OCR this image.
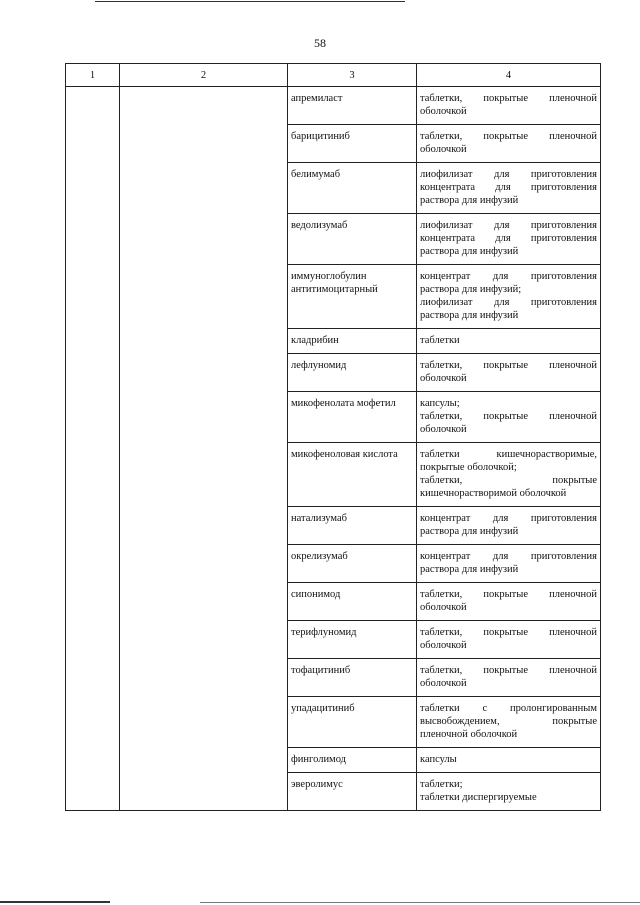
58
1	2	3	4
		апремиласт	таблетки, покрытые пленочной оболочкой

		барицитиниб	таблетки, покрытые пленочной оболочкой

		белимумаб	лиофилизат для приготовления концентрата для приготовления раствора для инфузий

		ведолизумаб	лиофилизат для приготовления концентрата для приготовления раствора для инфузий

		иммуноглобулин антитимоцитарный	концентрат для приготовления раствора для инфузий;
лиофилизат для приготовления раствора для инфузий

		кладрибин	таблетки

		лефлуномид	таблетки, покрытые пленочной оболочкой

		микофенолата мофетил	капсулы;
таблетки, покрытые пленочной оболочкой

		микофеноловая кислота	таблетки кишечнорастворимые, покрытые оболочкой;
таблетки, покрытые кишечнорастворимой оболочкой

		натализумаб	концентрат для приготовления раствора для инфузий

		окрелизумаб	концентрат для приготовления раствора для инфузий

		сипонимод	таблетки, покрытые пленочной оболочкой

		терифлуномид	таблетки, покрытые пленочной оболочкой

		тофацитиниб	таблетки, покрытые пленочной оболочкой

		упадацитиниб	таблетки с пролонгированным высвобождением, покрытые пленочной оболочкой

		финголимод	капсулы

		эверолимус	таблетки;
таблетки диспергируемые
